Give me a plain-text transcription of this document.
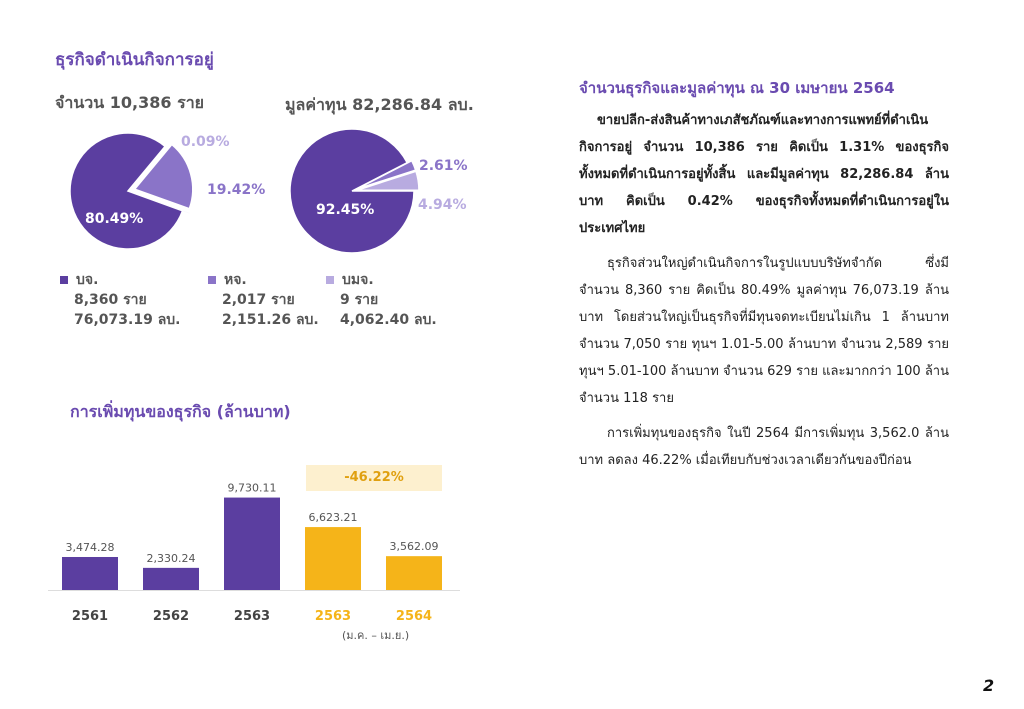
ธุรกิจดำเนินกิจการอยู่
จำนวน 10,386 ราย	มูลค่าทุน 82,286.84 ลบ.
80.49%
19.42%
0.09%
92.45%
2.61%
4.94%
บจ.
8,360 ราย
76,073.19 ลบ.
หจ.
2,017 ราย
2,151.26 ลบ.
บมจ.
9 ราย
4,062.40 ลบ.
การเพิ่มทุนของธุรกิจ (ล้านบาท)
-46.22%
3,474.28
2561
2,330.24
2562
9,730.11
2563
6,623.21
2563
3,562.09
2564
(ม.ค. – เม.ย.)
จำนวนธุรกิจและมูลค่าทุน ณ 30 เมษายน 2564
ขายปลีก-ส่งสินค้าทางเภสัชภัณฑ์และทางการแพทย์ที่ดำเนินกิจการอยู่ จำนวน 10,386 ราย คิดเป็น 1.31% ของธุรกิจทั้งหมดที่ดำเนินการอยู่ทั้งสิ้น และมีมูลค่าทุน 82,286.84 ล้านบาท คิดเป็น 0.42% ของธุรกิจทั้งหมดที่ดำเนินการอยู่ในประเทศไทย
ธุรกิจส่วนใหญ่ดำเนินกิจการในรูปแบบบริษัทจำกัด ซึ่งมีจำนวน 8,360 ราย คิดเป็น 80.49% มูลค่าทุน 76,073.19 ล้านบาท โดยส่วนใหญ่เป็นธุรกิจที่มีทุนจดทะเบียนไม่เกิน 1 ล้านบาท จำนวน 7,050 ราย ทุนฯ 1.01-5.00 ล้านบาท จำนวน 2,589 ราย ทุนฯ 5.01-100 ล้านบาท จำนวน 629 ราย และมากกว่า 100 ล้าน จำนวน 118 ราย
การเพิ่มทุนของธุรกิจ ในปี 2564 มีการเพิ่มทุน 3,562.0 ล้านบาท ลดลง 46.22% เมื่อเทียบกับช่วงเวลาเดียวกันของปีก่อน
2
